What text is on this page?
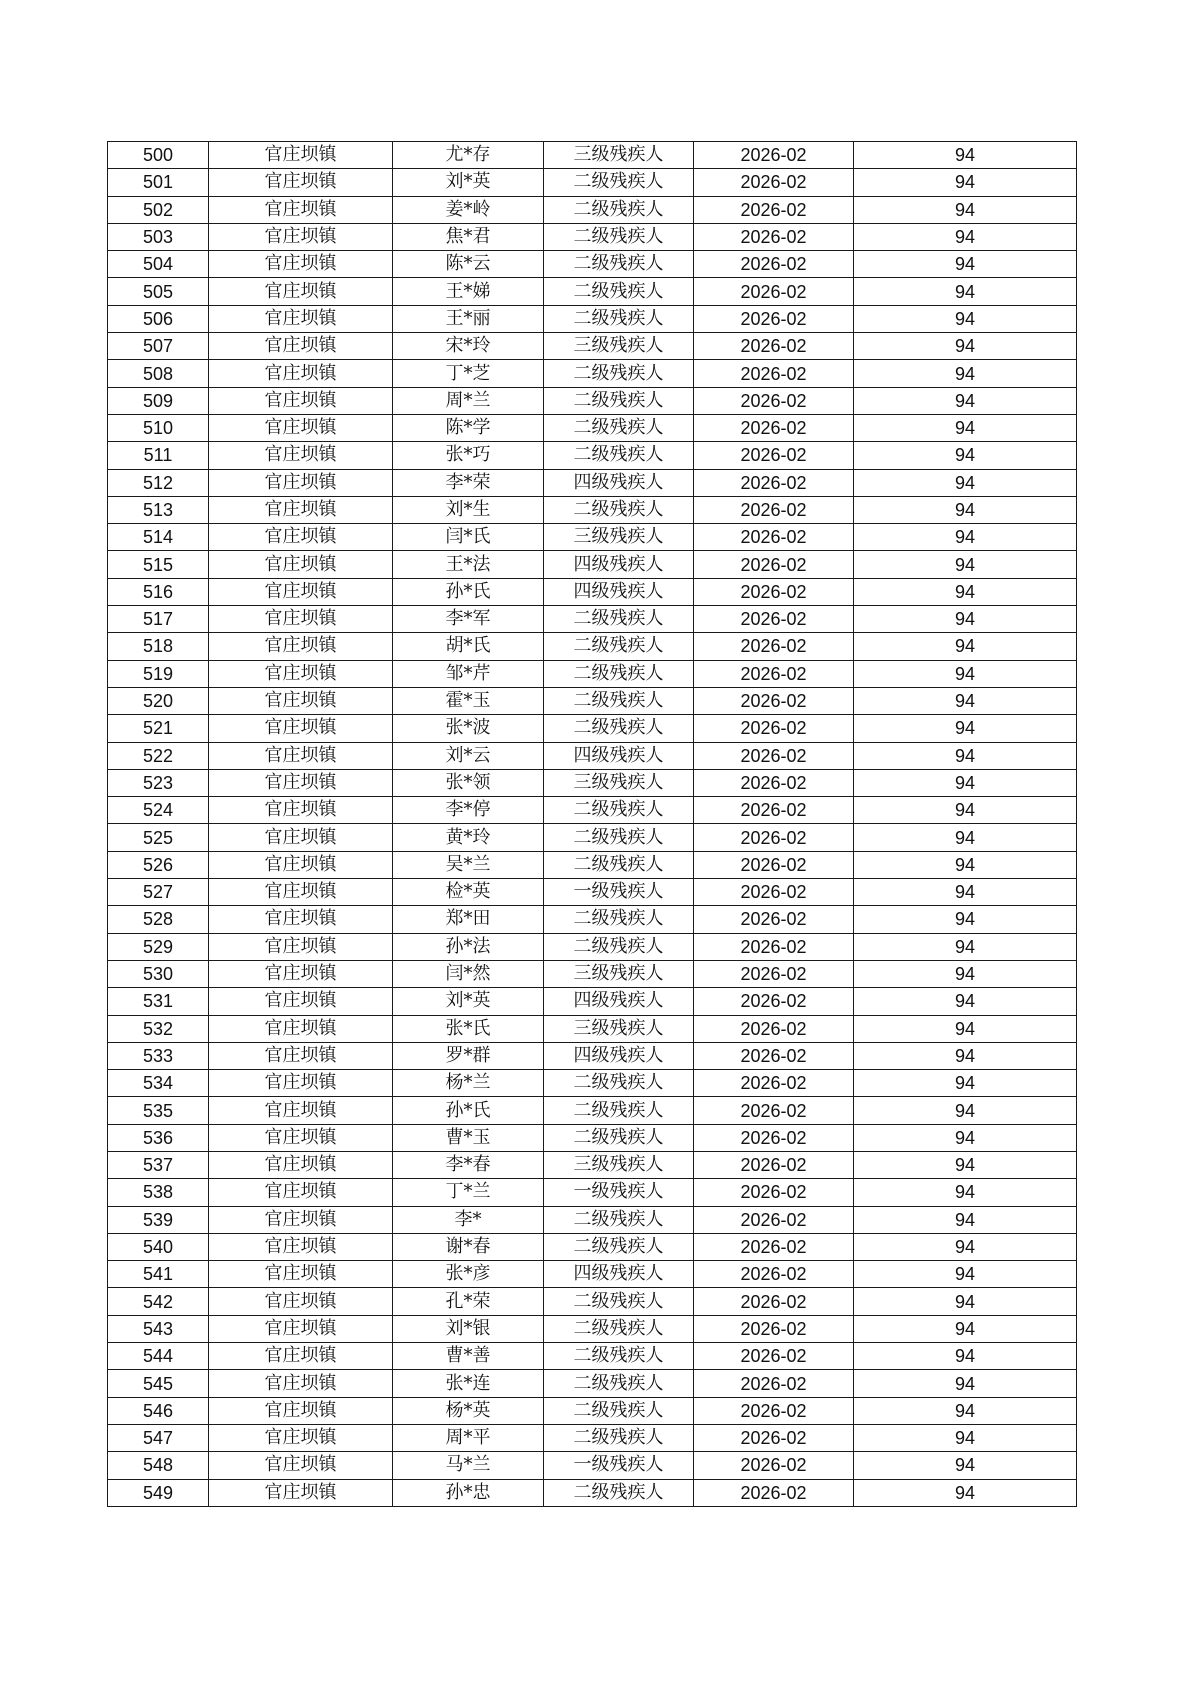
500	官庄坝镇	尤*存	三级残疾人	2026-02	94
501	官庄坝镇	刘*英	二级残疾人	2026-02	94
502	官庄坝镇	姜*岭	二级残疾人	2026-02	94
503	官庄坝镇	焦*君	二级残疾人	2026-02	94
504	官庄坝镇	陈*云	二级残疾人	2026-02	94
505	官庄坝镇	王*娣	二级残疾人	2026-02	94
506	官庄坝镇	王*丽	二级残疾人	2026-02	94
507	官庄坝镇	宋*玲	三级残疾人	2026-02	94
508	官庄坝镇	丁*芝	二级残疾人	2026-02	94
509	官庄坝镇	周*兰	二级残疾人	2026-02	94
510	官庄坝镇	陈*学	二级残疾人	2026-02	94
511	官庄坝镇	张*巧	二级残疾人	2026-02	94
512	官庄坝镇	李*荣	四级残疾人	2026-02	94
513	官庄坝镇	刘*生	二级残疾人	2026-02	94
514	官庄坝镇	闫*氏	三级残疾人	2026-02	94
515	官庄坝镇	王*法	四级残疾人	2026-02	94
516	官庄坝镇	孙*氏	四级残疾人	2026-02	94
517	官庄坝镇	李*军	二级残疾人	2026-02	94
518	官庄坝镇	胡*氏	二级残疾人	2026-02	94
519	官庄坝镇	邹*芹	二级残疾人	2026-02	94
520	官庄坝镇	霍*玉	二级残疾人	2026-02	94
521	官庄坝镇	张*波	二级残疾人	2026-02	94
522	官庄坝镇	刘*云	四级残疾人	2026-02	94
523	官庄坝镇	张*领	三级残疾人	2026-02	94
524	官庄坝镇	李*停	二级残疾人	2026-02	94
525	官庄坝镇	黄*玲	二级残疾人	2026-02	94
526	官庄坝镇	吴*兰	二级残疾人	2026-02	94
527	官庄坝镇	检*英	一级残疾人	2026-02	94
528	官庄坝镇	郑*田	二级残疾人	2026-02	94
529	官庄坝镇	孙*法	二级残疾人	2026-02	94
530	官庄坝镇	闫*然	三级残疾人	2026-02	94
531	官庄坝镇	刘*英	四级残疾人	2026-02	94
532	官庄坝镇	张*氏	三级残疾人	2026-02	94
533	官庄坝镇	罗*群	四级残疾人	2026-02	94
534	官庄坝镇	杨*兰	二级残疾人	2026-02	94
535	官庄坝镇	孙*氏	二级残疾人	2026-02	94
536	官庄坝镇	曹*玉	二级残疾人	2026-02	94
537	官庄坝镇	李*春	三级残疾人	2026-02	94
538	官庄坝镇	丁*兰	一级残疾人	2026-02	94
539	官庄坝镇	李*	二级残疾人	2026-02	94
540	官庄坝镇	谢*春	二级残疾人	2026-02	94
541	官庄坝镇	张*彦	四级残疾人	2026-02	94
542	官庄坝镇	孔*荣	二级残疾人	2026-02	94
543	官庄坝镇	刘*银	二级残疾人	2026-02	94
544	官庄坝镇	曹*善	二级残疾人	2026-02	94
545	官庄坝镇	张*连	二级残疾人	2026-02	94
546	官庄坝镇	杨*英	二级残疾人	2026-02	94
547	官庄坝镇	周*平	二级残疾人	2026-02	94
548	官庄坝镇	马*兰	一级残疾人	2026-02	94
549	官庄坝镇	孙*忠	二级残疾人	2026-02	94
